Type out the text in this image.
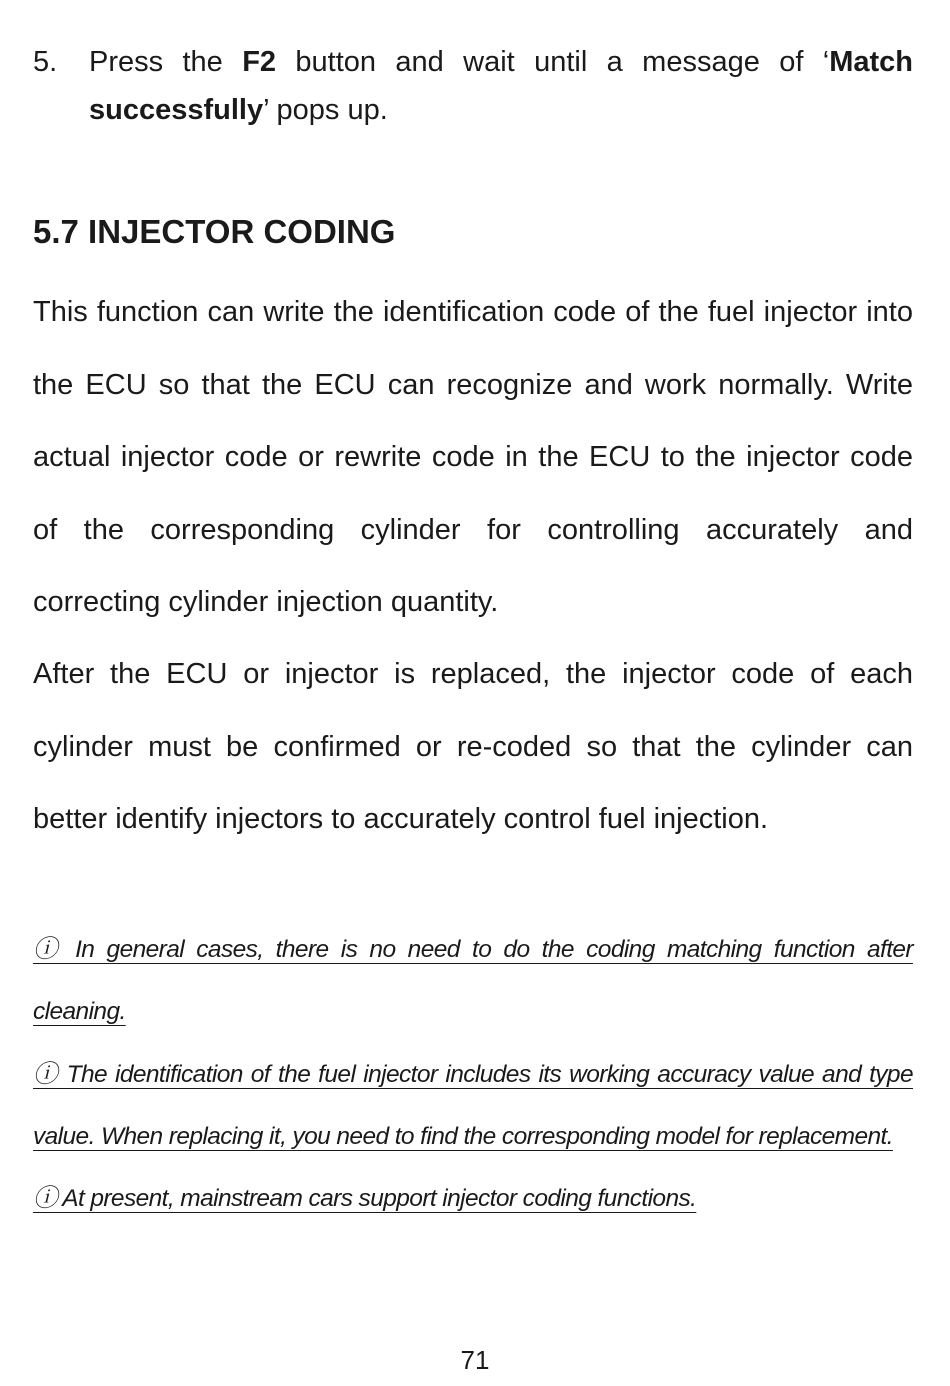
5. Press the F2 button and wait until a message of ‘Match successfully’ pops up.
5.7 INJECTOR CODING

This function can write the identification code of the fuel injector into the ECU so that the ECU can recognize and work normally. Write actual injector code or rewrite code in the ECU to the injector code of the corresponding cylinder for controlling accurately and correcting cylinder injection quantity.

After the ECU or injector is replaced, the injector code of each cylinder must be confirmed or re-coded so that the cylinder can better identify injectors to accurately control fuel injection.

ⓘ In general cases, there is no need to do the coding matching function after cleaning.

ⓘ The identification of the fuel injector includes its working accuracy value and type value. When replacing it, you need to find the corresponding model for replacement.

ⓘ At present, mainstream cars support injector coding functions.

71
